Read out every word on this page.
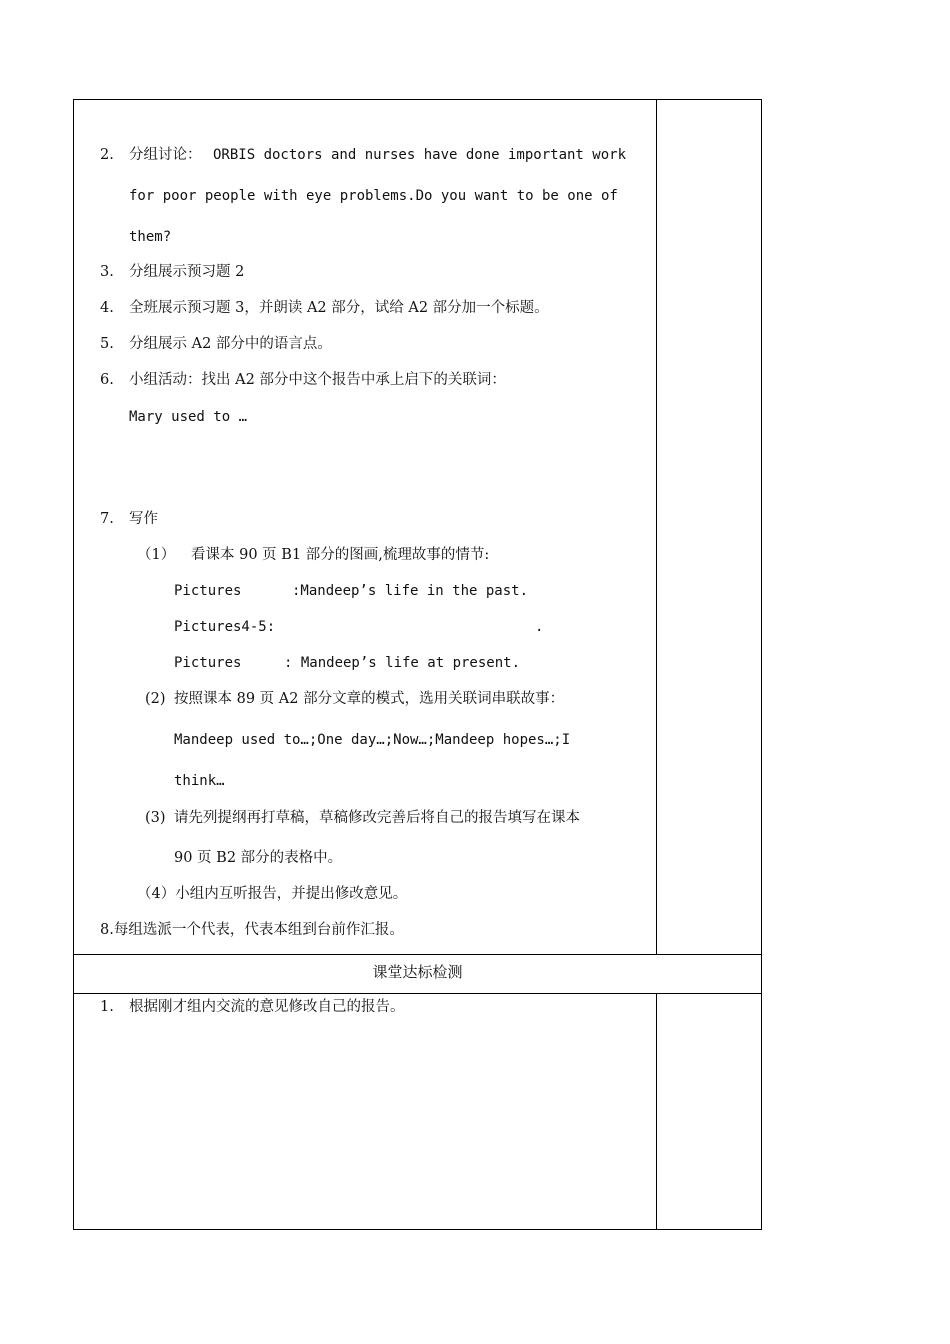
2. 分组讨论： ORBIS doctors and nurses have done important work
for poor people with eye problems.Do you want to be one of
them?
3. 分组展示预习题 2
4. 全班展示预习题 3，并朗读 A2 部分，试给 A2 部分加一个标题。
5. 分组展示 A2 部分中的语言点。
6. 小组活动：找出 A2 部分中这个报告中承上启下的关联词：
Mary used to …
7. 写作
（1） 看课本 90 页 B1 部分的图画,梳理故事的情节:
Pictures	:Mandeep’s life in the past.
Pictures4-5:	.
Pictures	: Mandeep’s life at present.
(2) 按照课本 89 页 A2 部分文章的模式，选用关联词串联故事：
Mandeep used to…;One day…;Now…;Mandeep hopes…;I
think…
(3) 请先列提纲再打草稿，草稿修改完善后将自己的报告填写在课本
90 页 B2 部分的表格中。
（4）小组内互听报告，并提出修改意见。
8.每组选派一个代表，代表本组到台前作汇报。
课堂达标检测
1. 根据刚才组内交流的意见修改自己的报告。
